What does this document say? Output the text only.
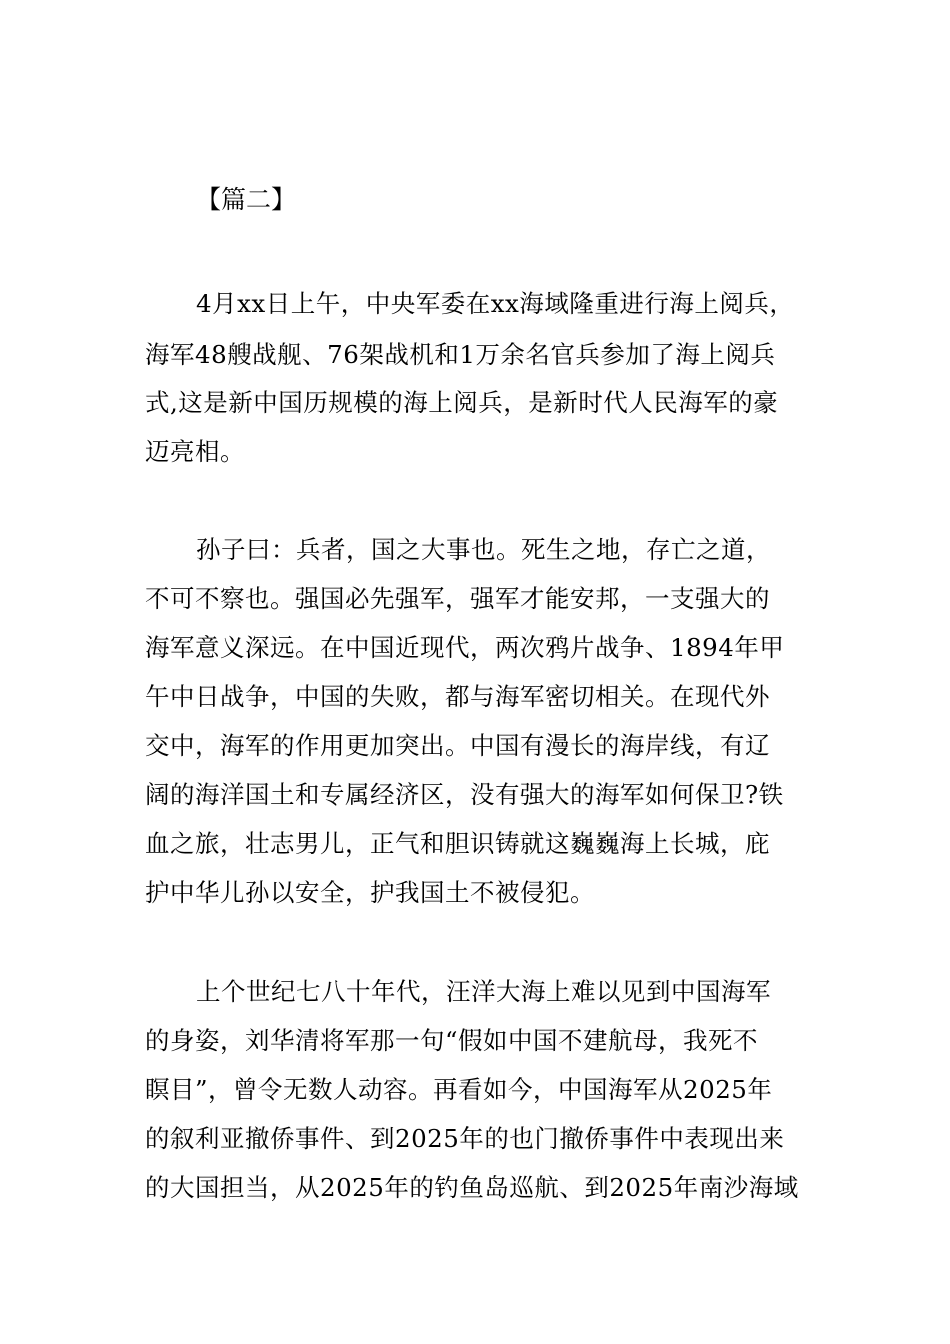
【篇二】

4月xx日上午，中央军委在xx海域隆重进行海上阅兵，

海军48艘战舰、76架战机和1万余名官兵参加了海上阅兵

式,这是新中国历规模的海上阅兵，是新时代人民海军的豪

迈亮相。

孙子曰：兵者，国之大事也。死生之地，存亡之道，

不可不察也。强国必先强军，强军才能安邦，一支强大的

海军意义深远。在中国近现代，两次鸦片战争、1894年甲

午中日战争，中国的失败，都与海军密切相关。在现代外

交中，海军的作用更加突出。中国有漫长的海岸线，有辽

阔的海洋国土和专属经济区，没有强大的海军如何保卫?铁

血之旅，壮志男儿，正气和胆识铸就这巍巍海上长城，庇

护中华儿孙以安全，护我国土不被侵犯。

上个世纪七八十年代，汪洋大海上难以见到中国海军

的身姿，刘华清将军那一句“假如中国不建航母，我死不

瞑目”，曾令无数人动容。再看如今，中国海军从2025年

的叙利亚撤侨事件、到2025年的也门撤侨事件中表现出来

的大国担当，从2025年的钓鱼岛巡航、到2025年南沙海域
